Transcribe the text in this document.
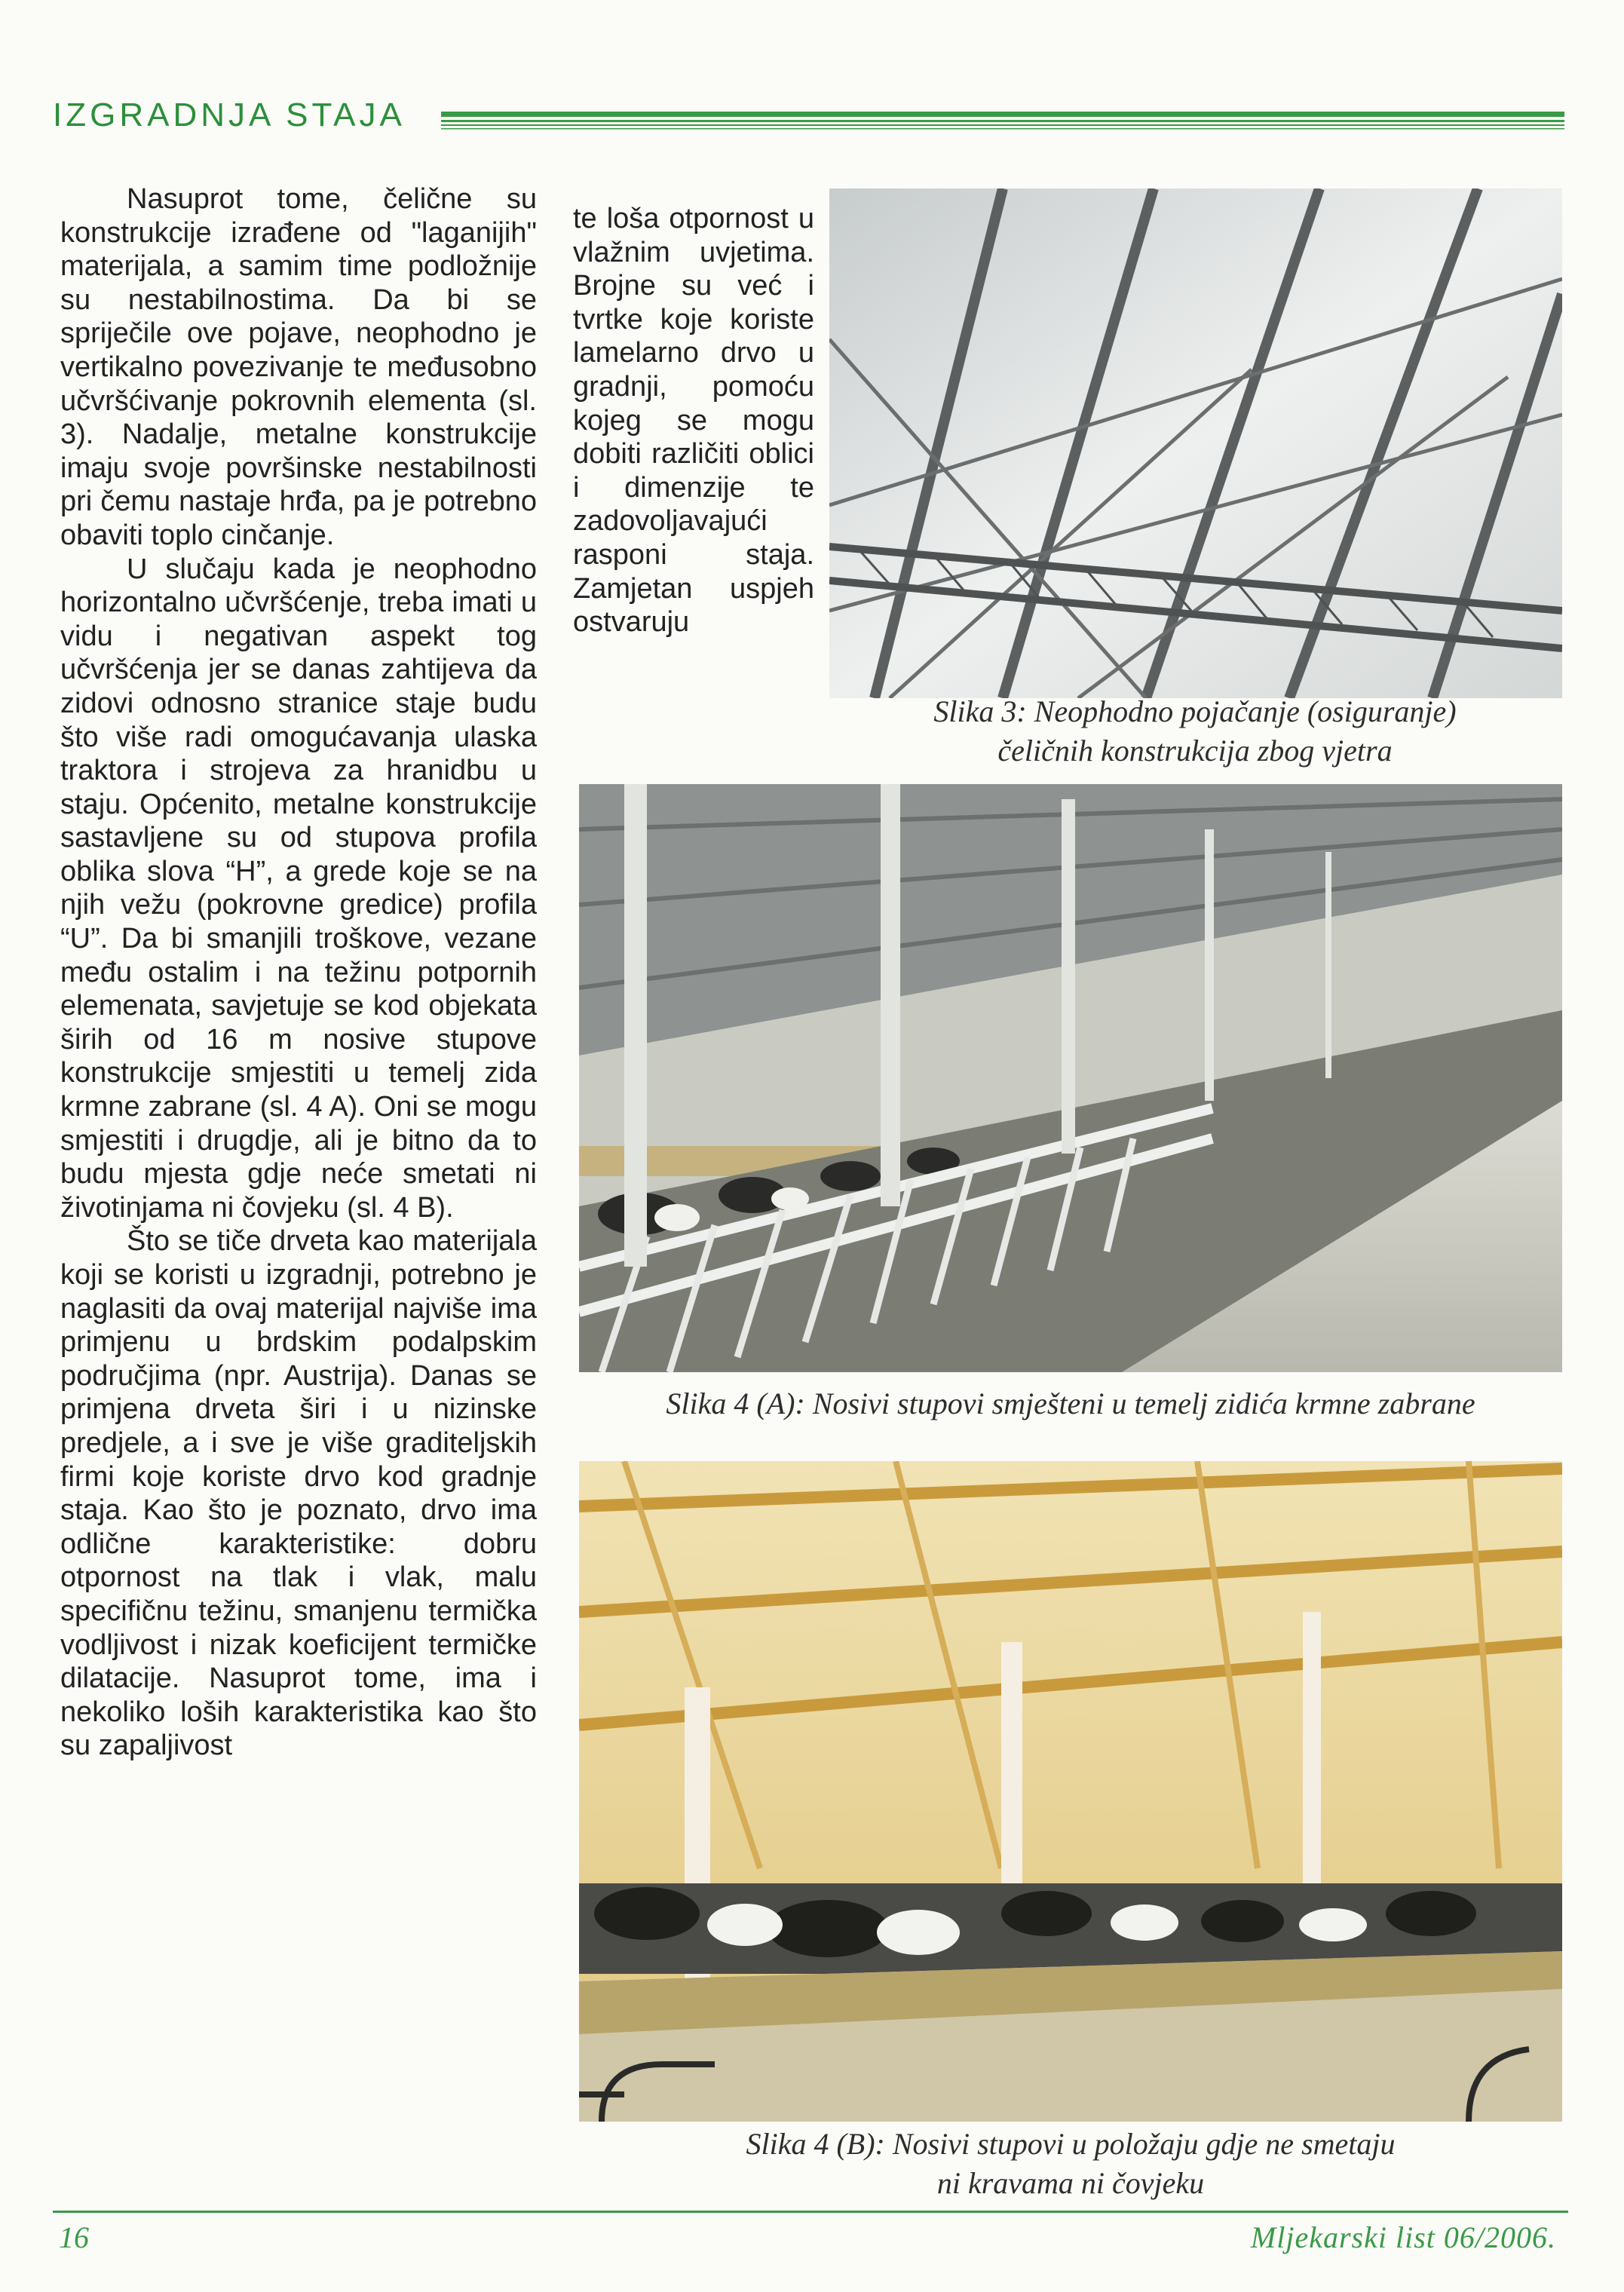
IZGRADNJA STAJA

Nasuprot tome, čelične su konstrukcije izrađene od "laganijih" materijala, a samim time podložnije su nestabilnostima. Da bi se spriječile ove pojave, neophodno je vertikalno povezivanje te međusobno učvršćivanje pokrovnih elementa (sl. 3). Nadalje, metalne konstrukcije imaju svoje površinske nestabilnosti pri čemu nastaje hrđa, pa je potrebno obaviti toplo cinčanje.

U slučaju kada je neophodno horizontalno učvršćenje, treba imati u vidu i negativan aspekt tog učvršćenja jer se danas zahtijeva da zidovi odnosno stranice staje budu što više radi omogućavanja ulaska traktora i strojeva za hranidbu u staju. Općenito, metalne konstrukcije sastavljene su od stupova profila oblika slova “H”, a grede koje se na njih vežu (pokrovne gredice) profila “U”. Da bi smanjili troškove, vezane među ostalim i na težinu potpornih elemenata, savjetuje se kod objekata širih od 16 m nosive stupove konstrukcije smjestiti u temelj zida krmne zabrane (sl. 4 A). Oni se mogu smjestiti i drugdje, ali je bitno da to budu mjesta gdje neće smetati ni životinjama ni čovjeku (sl. 4 B).

Što se tiče drveta kao materijala koji se koristi u izgradnji, potrebno je naglasiti da ovaj materijal najviše ima primjenu u brdskim podalpskim područjima (npr. Austrija). Danas se primjena drveta širi i u nizinske predjele, a i sve je više graditeljskih firmi koje koriste drvo kod gradnje staja. Kao što je poznato, drvo ima odlične karakteristike: dobru otpornost na tlak i vlak, malu specifičnu težinu, smanjenu termička vodljivost i nizak koeficijent termičke dilatacije. Nasuprot tome, ima i nekoliko loših karakteristika kao što su zapaljivost

te loša otpornost u vlažnim uvjetima. Brojne su već i tvrtke koje koriste lamelarno drvo u gradnji, pomoću kojeg se mogu dobiti različiti oblici i dimenzije te zadovoljavajući rasponi staja. Zamjetan uspjeh ostvaruju

Slika 3: Neophodno pojačanje (osiguranje)
čeličnih konstrukcija zbog vjetra
Slika 4 (A): Nosivi stupovi smješteni u temelj zidića krmne zabrane
Slika 4 (B): Nosivi stupovi u položaju gdje ne smetaju
ni kravama ni čovjeku
16	Mljekarski list 06/2006.
